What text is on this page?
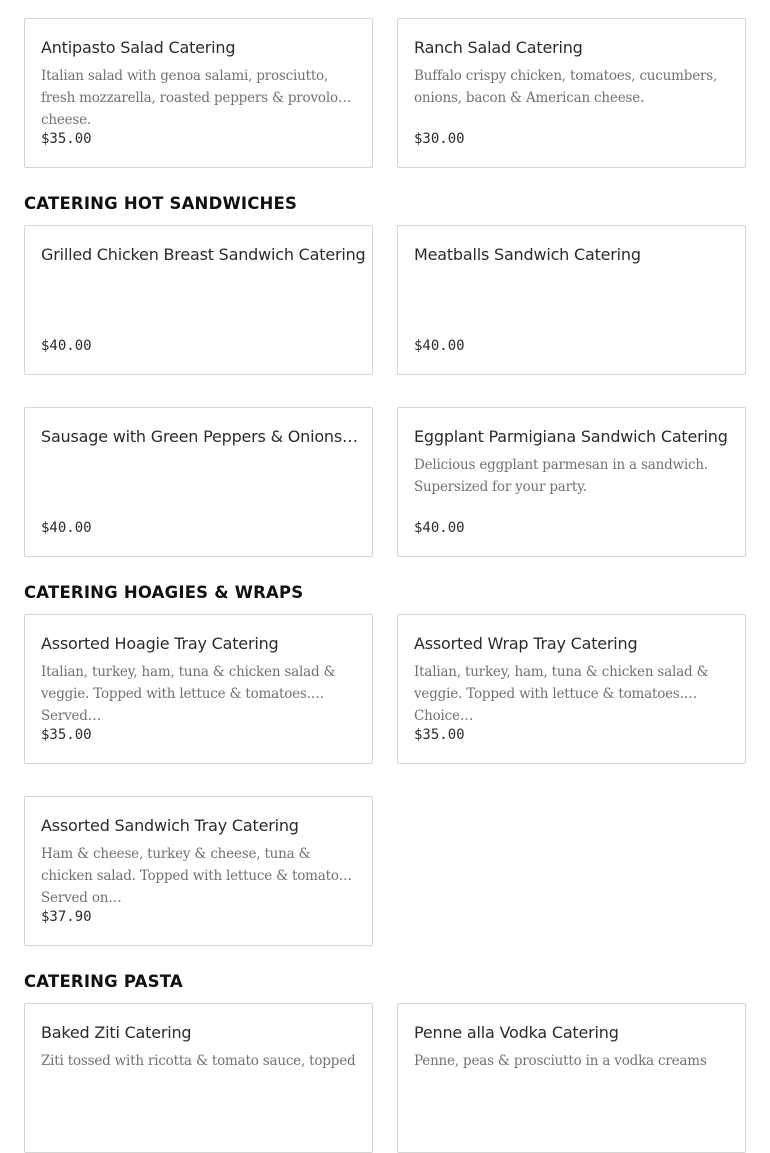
Antipasto Salad Catering
Italian salad with genoa salami, prosciutto, fresh mozzarella, roasted peppers & provolone cheese.
$35.00
Ranch Salad Catering
Buffalo crispy chicken, tomatoes, cucumbers, onions, bacon & American cheese.
$30.00
CATERING HOT SANDWICHES
Grilled Chicken Breast Sandwich Catering
$40.00
Meatballs Sandwich Catering
$40.00
Sausage with Green Peppers & Onions…
$40.00
Eggplant Parmigiana Sandwich Catering
Delicious eggplant parmesan in a sandwich. Supersized for your party.
$40.00
CATERING HOAGIES & WRAPS
Assorted Hoagie Tray Catering
Italian, turkey, ham, tuna & chicken salad & veggie. Topped with lettuce & tomatoes. Served…
$35.00
Assorted Wrap Tray Catering
Italian, turkey, ham, tuna & chicken salad & veggie. Topped with lettuce & tomatoes. Choice…
$35.00
Assorted Sandwich Tray Catering
Ham & cheese, turkey & cheese, tuna & chicken salad. Topped with lettuce & tomato. Served on…
$37.90
CATERING PASTA
Baked Ziti Catering
Ziti tossed with ricotta & tomato sauce, topped
Penne alla Vodka Catering
Penne, peas & prosciutto in a vodka creams
